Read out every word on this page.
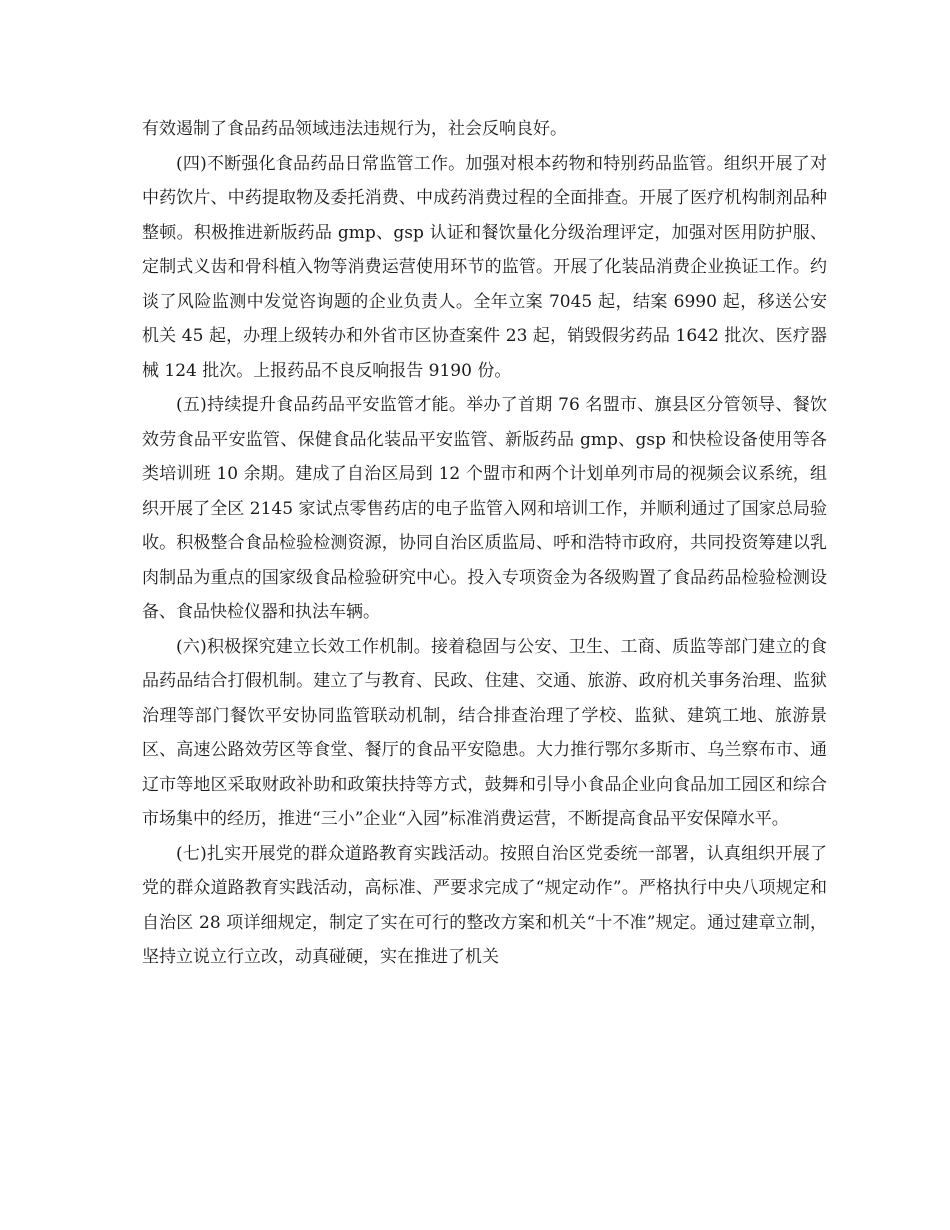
有效遏制了食品药品领域违法违规行为，社会反响良好。

(四)不断强化食品药品日常监管工作。加强对根本药物和特别药品监管。组织开展了对中药饮片、中药提取物及委托消费、中成药消费过程的全面排查。开展了医疗机构制剂品种整顿。积极推进新版药品 gmp、gsp 认证和餐饮量化分级治理评定，加强对医用防护服、定制式义齿和骨科植入物等消费运营使用环节的监管。开展了化装品消费企业换证工作。约谈了风险监测中发觉咨询题的企业负责人。全年立案 7045 起，结案 6990 起，移送公安机关 45 起，办理上级转办和外省市区协查案件 23 起，销毁假劣药品 1642 批次、医疗器械 124 批次。上报药品不良反响报告 9190 份。

(五)持续提升食品药品平安监管才能。举办了首期 76 名盟市、旗县区分管领导、餐饮效劳食品平安监管、保健食品化装品平安监管、新版药品 gmp、gsp 和快检设备使用等各类培训班 10 余期。建成了自治区局到 12 个盟市和两个计划单列市局的视频会议系统，组织开展了全区 2145 家试点零售药店的电子监管入网和培训工作，并顺利通过了国家总局验收。积极整合食品检验检测资源，协同自治区质监局、呼和浩特市政府，共同投资筹建以乳肉制品为重点的国家级食品检验研究中心。投入专项资金为各级购置了食品药品检验检测设备、食品快检仪器和执法车辆。

(六)积极探究建立长效工作机制。接着稳固与公安、卫生、工商、质监等部门建立的食品药品结合打假机制。建立了与教育、民政、住建、交通、旅游、政府机关事务治理、监狱治理等部门餐饮平安协同监管联动机制，结合排查治理了学校、监狱、建筑工地、旅游景区、高速公路效劳区等食堂、餐厅的食品平安隐患。大力推行鄂尔多斯市、乌兰察布市、通辽市等地区采取财政补助和政策扶持等方式，鼓舞和引导小食品企业向食品加工园区和综合市场集中的经历，推进“三小”企业“入园”标准消费运营，不断提高食品平安保障水平。

(七)扎实开展党的群众道路教育实践活动。按照自治区党委统一部署，认真组织开展了党的群众道路教育实践活动，高标准、严要求完成了“规定动作”。严格执行中央八项规定和自治区 28 项详细规定，制定了实在可行的整改方案和机关“十不准”规定。通过建章立制，坚持立说立行立改，动真碰硬，实在推进了机关
